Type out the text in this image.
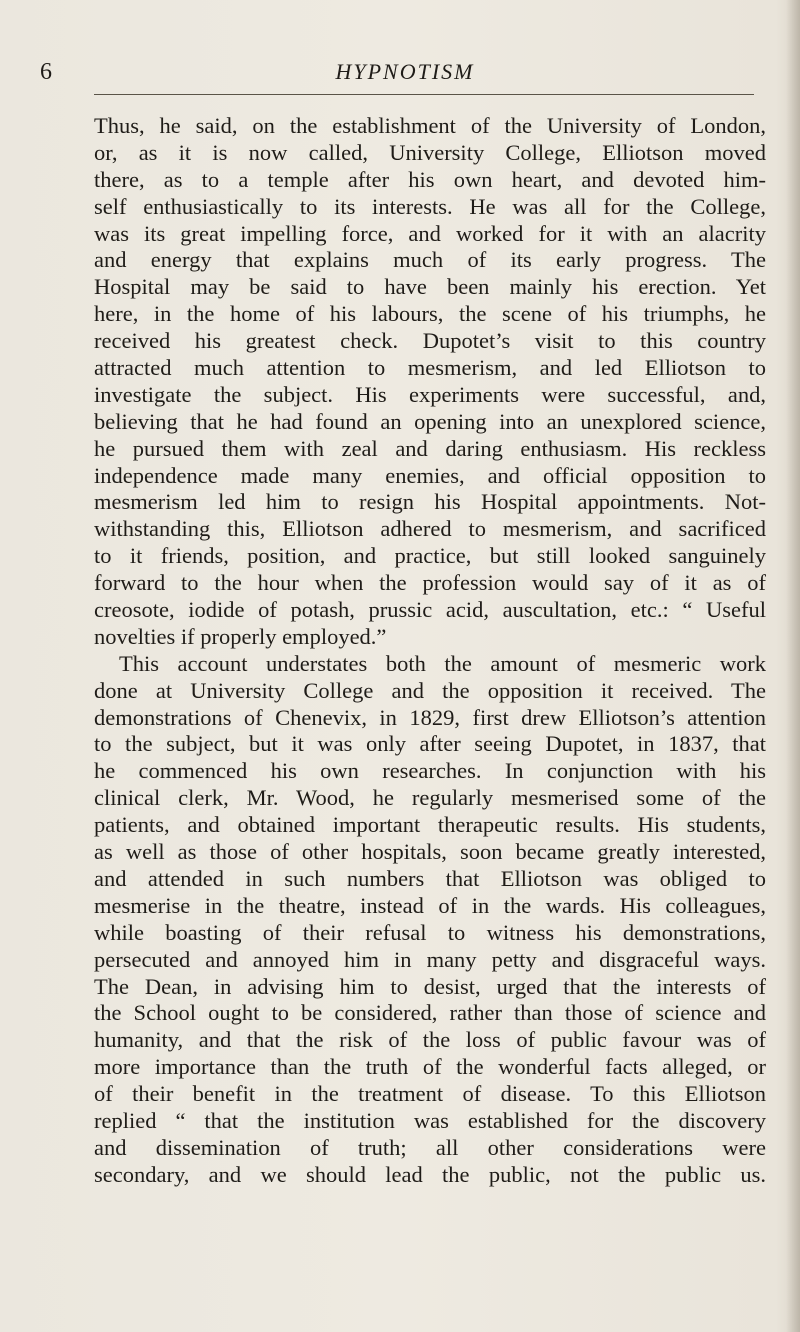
6	HYPNOTISM
Thus, he said, on the establishment of the University of London,
or, as it is now called, University College, Elliotson moved
there, as to a temple after his own heart, and devoted him-
self enthusiastically to its interests. He was all for the College,
was its great impelling force, and worked for it with an alacrity
and energy that explains much of its early progress. The
Hospital may be said to have been mainly his erection. Yet
here, in the home of his labours, the scene of his triumphs, he
received his greatest check. Dupotet’s visit to this country
attracted much attention to mesmerism, and led Elliotson to
investigate the subject. His experiments were successful, and,
believing that he had found an opening into an unexplored science,
he pursued them with zeal and daring enthusiasm. His reckless
independence made many enemies, and official opposition to
mesmerism led him to resign his Hospital appointments. Not-
withstanding this, Elliotson adhered to mesmerism, and sacrificed
to it friends, position, and practice, but still looked sanguinely
forward to the hour when the profession would say of it as of
creosote, iodide of potash, prussic acid, auscultation, etc.: “ Useful
novelties if properly employed.”
This account understates both the amount of mesmeric work
done at University College and the opposition it received. The
demonstrations of Chenevix, in 1829, first drew Elliotson’s attention
to the subject, but it was only after seeing Dupotet, in 1837, that
he commenced his own researches. In conjunction with his
clinical clerk, Mr. Wood, he regularly mesmerised some of the
patients, and obtained important therapeutic results. His students,
as well as those of other hospitals, soon became greatly interested,
and attended in such numbers that Elliotson was obliged to
mesmerise in the theatre, instead of in the wards. His colleagues,
while boasting of their refusal to witness his demonstrations,
persecuted and annoyed him in many petty and disgraceful ways.
The Dean, in advising him to desist, urged that the interests of
the School ought to be considered, rather than those of science and
humanity, and that the risk of the loss of public favour was of
more importance than the truth of the wonderful facts alleged, or
of their benefit in the treatment of disease. To this Elliotson
replied “ that the institution was established for the discovery
and dissemination of truth; all other considerations were
secondary, and we should lead the public, not the public us.
